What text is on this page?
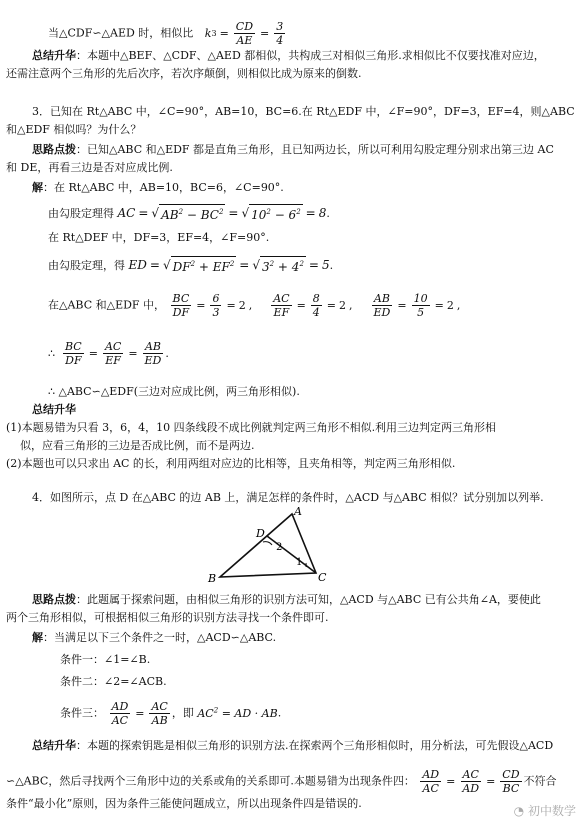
当△CDF∽△AED 时，相似比 k $3 = \frac{CD}{AE} = \frac{3}{4}$
总结升华：本题中△BEF、△CDF、△AED 都相似，共构成三对相似三角形.求相似比不仅要找准对应边，
还需注意两个三角形的先后次序，若次序颠倒，则相似比成为原来的倒数.
3．已知在 Rt△ABC 中，∠C=90°，AB=10，BC=6.在 Rt△EDF 中，∠F=90°，DF=3，EF=4，则△ABC
和△EDF 相似吗？为什么？
思路点拨：已知△ABC 和△EDF 都是直角三角形，且已知两边长，所以可利用勾股定理分别求出第三边 AC
和 DE，再看三边是否对应成比例.
解：在 Rt△ABC 中，AB=10，BC=6，∠C=90°.
由勾股定理得 AC = √ $AB^2 - BC^2$ = √ $10^2 - 6^2 = 8$.
在 Rt△DEF 中，DF=3，EF=4，∠F=90°.
由勾股定理，得 ED = √ $DF^2 + EF^2$ = √ $3^2 + 4^2 = 5$.
在△ABC 和△EDF 中， $\frac{BC}{DF} = \frac{6}{3} = 2$ , $\frac{AC}{EF} = \frac{8}{4} = 2$ , $\frac{AB}{ED} = \frac{10}{5} = 2$ ,
∴ $\frac{BC}{DF} = \frac{AC}{EF} = \frac{AB}{ED}$ .
∴ △ABC∽△EDF(三边对应成比例，两三角形相似).
总结升华
(1)本题易错为只看 3，6，4，10 四条线段不成比例就判定两三角形不相似.利用三边判定两三角形相
似，应看三角形的三边是否成比例，而不是两边.
(2)本题也可以只求出 AC 的长，利用两组对应边的比相等，且夹角相等，判定两三角形相似.
4．如图所示，点 D 在△ABC 的边 AB 上，满足怎样的条件时，△ACD 与△ABC 相似？试分别加以列举.
A
B	C
D
2
1
思路点拨：此题属于探索问题，由相似三角形的识别方法可知，△ACD 与△ABC 已有公共角∠A，要使此
两个三角形相似，可根据相似三角形的识别方法寻找一个条件即可.
解：当满足以下三个条件之一时，△ACD∽△ABC.
条件一：∠1=∠B.
条件二：∠2=∠ACB.
条件三： $\frac{AD}{AC} = \frac{AC}{AB}$ ，即 $AC^2$ = AD · AB.
总结升华：本题的探索钥匙是相似三角形的识别方法.在探索两个三角形相似时，用分析法，可先假设△ACD
∽△ABC，然后寻找两个三角形中边的关系或角的关系即可.本题易错为出现条件四： $\frac{AD}{AC} = \frac{AC}{AD} = \frac{CD}{BC}$ 不符合
条件“最小化”原则，因为条件三能使问题成立，所以出现条件四是错误的.
◔ 初中数学
